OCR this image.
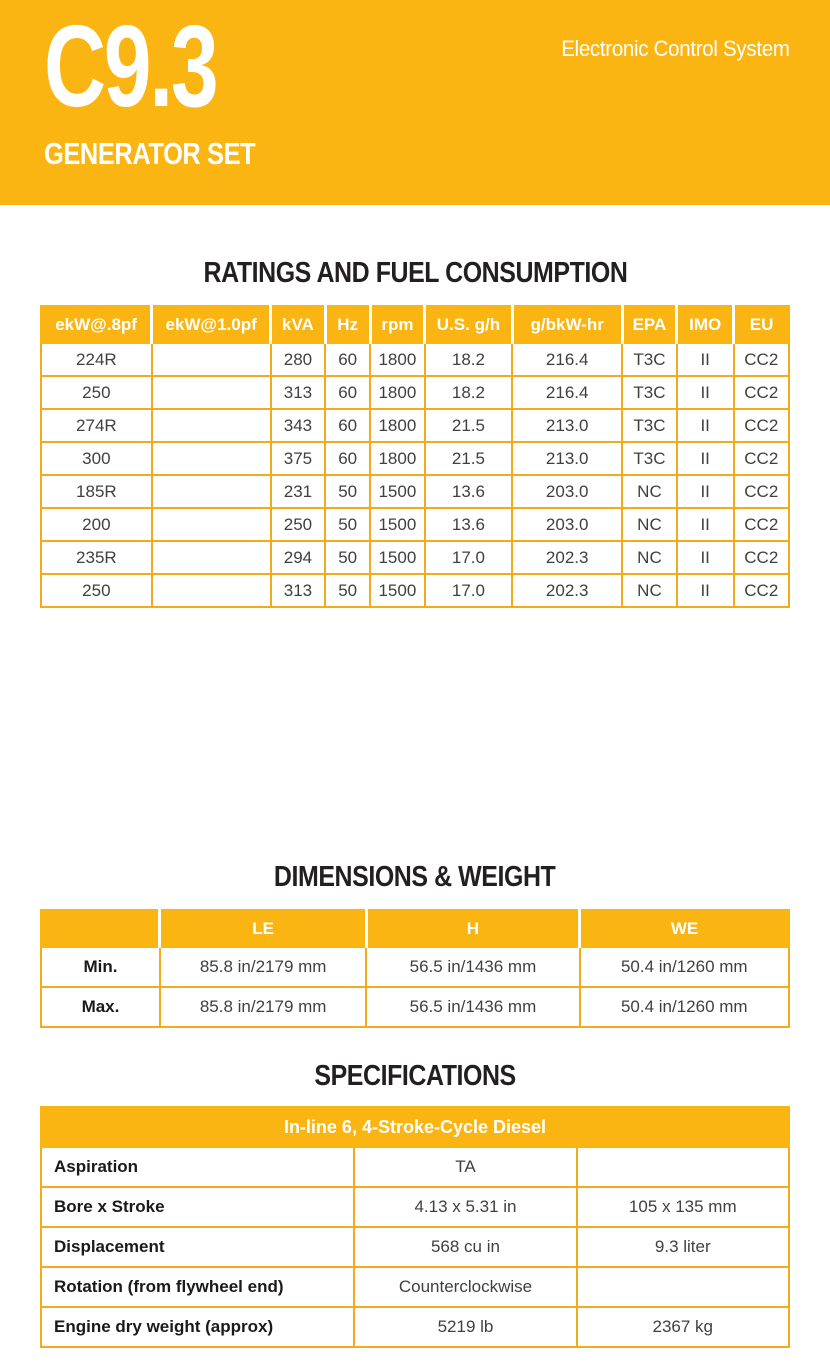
C9.3	Electronic Control System
GENERATOR SET
RATINGS AND FUEL CONSUMPTION
ekW@.8pf	ekW@1.0pf	kVA	Hz	rpm	U.S. g/h	g/bkW-hr	EPA	IMO	EU
224R		280	60	1800	18.2	216.4	T3C	II	CC2
250		313	60	1800	18.2	216.4	T3C	II	CC2
274R		343	60	1800	21.5	213.0	T3C	II	CC2
300		375	60	1800	21.5	213.0	T3C	II	CC2
185R		231	50	1500	13.6	203.0	NC	II	CC2
200		250	50	1500	13.6	203.0	NC	II	CC2
235R		294	50	1500	17.0	202.3	NC	II	CC2
250		313	50	1500	17.0	202.3	NC	II	CC2
DIMENSIONS & WEIGHT
	LE	H	WE
Min.	85.8 in/2179 mm	56.5 in/1436 mm	50.4 in/1260 mm
Max.	85.8 in/2179 mm	56.5 in/1436 mm	50.4 in/1260 mm
SPECIFICATIONS
In-line 6, 4-Stroke-Cycle Diesel		
Aspiration	TA	
Bore x Stroke	4.13 x 5.31 in	105 x 135 mm
Displacement	568 cu in	9.3 liter
Rotation (from flywheel end)	Counterclockwise	
Engine dry weight (approx)	5219 lb	2367 kg
